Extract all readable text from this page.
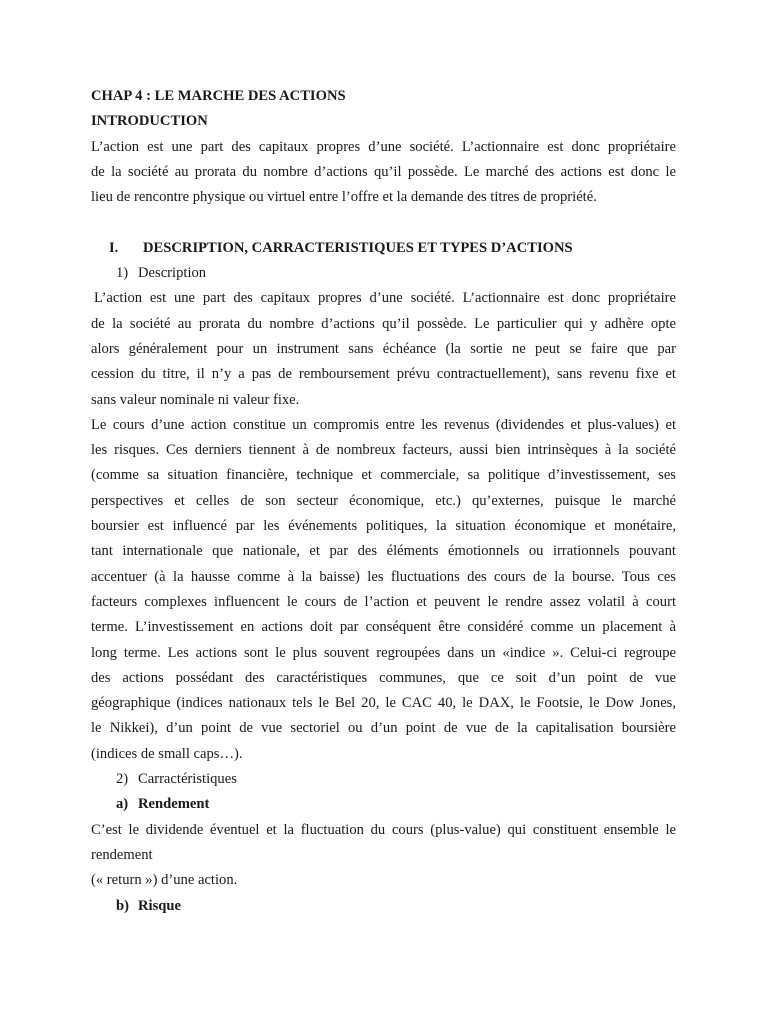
CHAP 4 : LE MARCHE DES ACTIONS
INTRODUCTION
L’action est une part des capitaux propres d’une société. L’actionnaire est donc propriétaire
de la société au prorata du nombre d’actions qu’il possède. Le marché des actions est donc le
lieu de rencontre physique ou virtuel entre l’offre et la demande des titres de propriété.
I. DESCRIPTION, CARRACTERISTIQUES ET TYPES D’ACTIONS
1) Description
L’action est une part des capitaux propres d’une société. L’actionnaire est donc propriétaire
de la société au prorata du nombre d’actions qu’il possède. Le particulier qui y adhère opte
alors généralement pour un instrument sans échéance (la sortie ne peut se faire que par
cession du titre, il n’y a pas de remboursement prévu contractuellement), sans revenu fixe et
sans valeur nominale ni valeur fixe.
Le cours d’une action constitue un compromis entre les revenus (dividendes et plus-values) et
les risques. Ces derniers tiennent à de nombreux facteurs, aussi bien intrinsèques à la société
(comme sa situation financière, technique et commerciale, sa politique d’investissement, ses
perspectives et celles de son secteur économique, etc.) qu’externes, puisque le marché
boursier est influencé par les événements politiques, la situation économique et monétaire,
tant internationale que nationale, et par des éléments émotionnels ou irrationnels pouvant
accentuer (à la hausse comme à la baisse) les fluctuations des cours de la bourse. Tous ces
facteurs complexes influencent le cours de l’action et peuvent le rendre assez volatil à court
terme. L’investissement en actions doit par conséquent être considéré comme un placement à
long terme. Les actions sont le plus souvent regroupées dans un «indice ». Celui-ci regroupe
des actions possédant des caractéristiques communes, que ce soit d’un point de vue
géographique (indices nationaux tels le Bel 20, le CAC 40, le DAX, le Footsie, le Dow Jones,
le Nikkei), d’un point de vue sectoriel ou d’un point de vue de la capitalisation boursière
(indices de small caps…).
2) Carractéristiques
a) Rendement
C’est le dividende éventuel et la fluctuation du cours (plus-value) qui constituent ensemble le
rendement
(« return ») d’une action.
b) Risque
